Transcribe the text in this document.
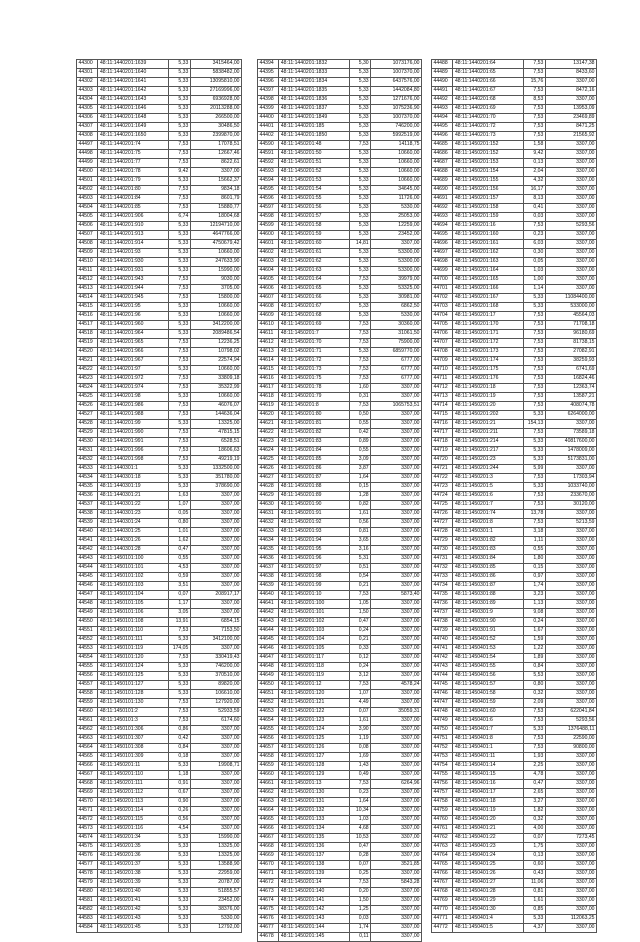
44300	48:11:1440201:1639	5,33	3415464,00
44301	48:11:1440201:1640	5,33	5838482,00
44302	48:11:1440201:1641	5,33	13095810,00
44303	48:11:1440201:1642	5,33	27169996,00
44304	48:11:1440201:1643	5,33	6936928,00
44305	48:11:1440201:1646	5,33	20113288,00
44306	48:11:1440201:1648	5,33	266500,00
44307	48:11:1440201:1649	5,33	30486,50
44308	48:11:1440201:1650	5,33	2399870,00
44497	48:11:1440201:74	7,53	17078,51
44498	48:11:1440201:75	7,53	12667,46
44499	48:11:1440201:77	7,53	8622,61
44500	48:11:1440201:78	9,42	3307,00
44501	48:11:1440201:79	5,33	15662,37
44502	48:11:1440201:80	7,53	9834,18
44503	48:11:1440201:84	7,53	8601,79
44504	48:11:1440201:85	7,53	15880,77
44505	48:11:1440201:906	6,74	18004,68
44506	48:11:1440201:910	5,33	12194710,00
44507	48:11:1440201:913	5,33	4647766,00
44508	48:11:1440201:914	5,33	4750679,42
44509	48:11:1440201:93	5,33	10660,00
44510	48:11:1440201:930	5,33	247633,90
44511	48:11:1440201:931	5,33	15990,00
44512	48:11:1440201:943	7,53	9030,00
44513	48:11:1440201:944	7,53	3705,00
44514	48:11:1440201:945	7,53	15800,00
44515	48:11:1440201:95	5,33	10660,00
44516	48:11:1440201:96	5,33	10660,00
44517	48:11:1440201:960	5,33	3412200,00
44518	48:11:1440201:964	5,33	2089486,54
44519	48:11:1440201:965	7,53	12236,25
44520	48:11:1440201:966	7,53	10798,02
44521	48:11:1440201:967	7,53	22574,94
44522	48:11:1440201:97	5,33	10660,00
44523	48:11:1440201:972	7,53	33809,18
44524	48:11:1440201:974	7,53	35322,99
44525	48:11:1440201:98	5,33	10660,00
44526	48:11:1440201:986	7,53	46076,07
44527	48:11:1440201:988	7,53	144636,04
44528	48:11:1440201:99	5,33	13325,00
44529	48:11:1440201:990	7,53	47815,15
44530	48:11:1440201:991	7,53	6528,51
44531	48:11:1440201:996	7,53	18606,63
44532	48:11:1440201:998	7,53	49219,19
44533	48:11:1440301:1	5,33	1332500,00
44534	48:11:1440301:18	5,33	351780,00
44535	48:11:1440301:19	5,33	378690,00
44536	48:11:1440301:21	1,63	3307,00
44537	48:11:1440301:22	1,07	3307,00
44538	48:11:1440301:23	0,05	3307,00
44539	48:11:1440301:24	0,80	3307,00
44540	48:11:1440301:25	1,01	3307,00
44541	48:11:1440301:26	1,62	3307,00
44542	48:11:1440301:28	0,47	3307,00
44543	48:11:1450101:100	0,55	3307,00
44544	48:11:1450101:101	4,53	3307,00
44545	48:11:1450101:102	0,59	3307,00
44546	48:11:1450101:103	3,51	3307,00
44547	48:11:1450101:104	0,07	208917,17
44548	48:11:1450101:105	1,17	3307,00
44549	48:11:1450101:106	3,05	3307,00
44550	48:11:1450101:108	13,91	6854,15
44551	48:11:1450101:110	7,53	7153,50
44552	48:11:1450101:111	5,33	3412100,00
44553	48:11:1450101:119	174,05	3307,00
44554	48:11:1450101:120	7,53	330419,43
44555	48:11:1450101:124	5,33	746200,00
44556	48:11:1450101:125	5,33	370510,00
44557	48:11:1450101:127	5,33	89820,00
44558	48:11:1450101:128	5,33	106610,00
44559	48:11:1450101:130	7,53	127920,00
44560	48:11:1450101:2	7,53	52933,59
44561	48:11:1450101:3	7,53	6174,60
44562	48:11:1450101:306	0,86	3307,00
44563	48:11:1450101:307	0,42	3307,00
44564	48:11:1450101:308	0,84	3307,00
44565	48:11:1450101:309	0,18	3307,00
44566	48:11:1450201:11	5,33	19908,71
44567	48:11:1450201:110	1,18	3307,00
44568	48:11:1450201:111	0,91	3307,00
44569	48:11:1450201:112	0,67	3307,00
44570	48:11:1450201:113	0,90	3307,00
44571	48:11:1450201:114	0,26	3307,00
44572	48:11:1450201:115	0,56	3307,00
44573	48:11:1450201:116	4,54	3307,00
44574	48:11:1450201:34	5,33	15990,00
44575	48:11:1450201:35	5,33	13325,00
44576	48:11:1450201:36	5,33	13325,00
44577	48:11:1450201:37	5,33	13588,90
44578	48:11:1450201:38	5,33	22959,00
44579	48:11:1450201:39	5,33	20787,00
44580	48:11:1450201:40	5,33	51855,57
44581	48:11:1450201:41	5,33	23452,00
44582	48:11:1450201:42	5,33	38376,00
44583	48:11:1450201:43	5,33	5330,00
44584	48:11:1450201:45	5,33	12792,00
44394	48:11:1440201:1832	5,30	1073176,00
44395	48:11:1440201:1833	5,33	1007370,00
44396	48:11:1440201:1834	5,33	6437576,00
44397	48:11:1440201:1835	5,33	1442084,80
44398	48:11:1440201:1836	5,33	1271676,00
44399	48:11:1440201:1837	5,33	1075236,90
44400	48:11:1440201:1849	5,33	1007370,00
44401	48:11:1440201:185	5,33	746200,00
44402	48:11:1440201:1850	5,33	5992519,00
44590	48:11:1450201:48	7,53	14118,75
44591	48:11:1450201:50	5,33	10660,00
44592	48:11:1450201:51	5,33	10660,00
44593	48:11:1450201:52	5,33	10660,00
44594	48:11:1450201:53	5,33	10660,00
44595	48:11:1450201:54	5,33	34645,00
44596	48:11:1450201:55	5,33	11726,00
44597	48:11:1450201:56	5,33	5330,00
44598	48:11:1450201:57	5,33	25053,00
44599	48:11:1450201:58	5,33	12259,00
44600	48:11:1450201:59	5,33	23452,00
44601	48:11:1450201:60	14,81	3307,00
44602	48:11:1450201:61	5,33	53300,00
44603	48:11:1450201:62	5,33	53300,00
44604	48:11:1450201:63	5,33	53300,00
44605	48:11:1450201:64	7,53	39979,00
44606	48:11:1450201:65	5,33	53325,00
44607	48:11:1450201:66	5,33	30981,00
44608	48:11:1450201:67	5,33	6862,50
44609	48:11:1450201:68	5,33	5330,00
44610	48:11:1450201:69	7,53	30360,00
44611	48:11:1450201:7	7,53	31061,50
44612	48:11:1450201:70	7,53	75900,00
44613	48:11:1450201:71	5,33	6859770,00
44614	48:11:1450201:72	7,53	6777,00
44615	48:11:1450201:73	7,53	6777,00
44616	48:11:1450201:75	7,53	6777,00
44617	48:11:1450201:78	1,60	3307,00
44618	48:11:1450201:79	0,31	3307,00
44619	48:11:1450201:8	7,53	1065753,51
44620	48:11:1450201:80	0,50	3307,00
44621	48:11:1450201:81	0,55	3307,00
44622	48:11:1450201:82	0,42	3307,00
44623	48:11:1450201:83	0,89	3307,00
44624	48:11:1450201:84	0,55	3307,00
44625	48:11:1450201:85	3,09	3307,00
44626	48:11:1450201:86	3,87	3307,00
44627	48:11:1450201:87	1,64	3307,00
44628	48:11:1450201:88	0,15	3307,00
44629	48:11:1450201:89	1,28	3307,00
44630	48:11:1450201:90	0,82	3307,00
44631	48:11:1450201:91	1,61	3307,00
44632	48:11:1450201:92	0,56	3307,00
44633	48:11:1450201:93	0,81	3307,00
44634	48:11:1450201:94	3,65	3307,00
44635	48:11:1450201:95	3,16	3307,00
44636	48:11:1450201:96	5,31	3307,00
44637	48:11:1450201:97	0,51	3307,00
44638	48:11:1450201:98	0,54	3307,00
44639	48:11:1450201:99	0,21	3307,00
44640	48:11:1450201:10	7,53	5873,40
44641	48:11:1450201:100	1,05	3307,00
44642	48:11:1450201:101	1,50	3307,00
44643	48:11:1450201:102	0,47	3307,00
44644	48:11:1450201:103	0,24	3307,00
44645	48:11:1450201:104	0,21	3307,00
44646	48:11:1450201:105	0,33	3307,00
44647	48:11:1450201:117	0,12	3307,00
44648	48:11:1450201:118	0,24	3307,00
44649	48:11:1450201:119	3,12	3307,00
44650	48:11:1450201:12	7,53	4578,24
44651	48:11:1450201:120	1,07	3307,00
44652	48:11:1450201:121	4,49	3307,00
44653	48:11:1450201:122	0,07	35059,31
44654	48:11:1450201:123	1,61	3307,00
44655	48:11:1450201:124	3,90	3307,00
44656	48:11:1450201:125	1,19	3307,00
44657	48:11:1450201:126	0,08	3307,00
44658	48:11:1450201:127	1,69	3307,00
44659	48:11:1450201:128	1,43	3307,00
44660	48:11:1450201:129	0,49	3307,00
44661	48:11:1450201:13	7,53	6264,96
44662	48:11:1450201:130	0,23	3307,00
44663	48:11:1450201:131	1,64	3307,00
44664	48:11:1450201:132	10,34	3307,00
44665	48:11:1450201:133	1,03	3307,00
44666	48:11:1450201:134	4,68	3307,00
44667	48:11:1450201:135	10,53	3307,00
44668	48:11:1450201:136	0,47	3307,00
44669	48:11:1450201:137	0,28	3307,00
44670	48:11:1450201:138	0,07	3521,85
44671	48:11:1450201:139	0,25	3307,00
44672	48:11:1450201:14	7,53	5843,28
44673	48:11:1450201:140	0,20	3307,00
44674	48:11:1450201:141	1,50	3307,00
44675	48:11:1450201:142	1,25	3307,00
44676	48:11:1450201:143	0,03	3307,00
44677	48:11:1450201:144	1,74	3307,00
44678	48:11:1450201:145	0,11	3307,00
44488	48:11:1440201:64	7,53	13147,38
44489	48:11:1440201:65	7,53	8433,60
44490	48:11:1440201:66	15,76	3307,00
44491	48:11:1440201:67	7,53	8472,16
44492	48:11:1440201:68	8,53	3307,00
44493	48:11:1440201:69	7,53	13953,09
44494	48:11:1440201:70	7,53	23469,89
44495	48:11:1440201:72	7,53	8471,25
44496	48:11:1440201:73	7,53	21565,92
44685	48:11:1450201:152	1,58	3307,00
44686	48:11:1450201:152	9,42	3307,00
44687	48:11:1450201:153	0,13	3307,00
44688	48:11:1450201:154	2,04	3307,00
44689	48:11:1450201:155	4,32	3307,00
44690	48:11:1450201:156	16,17	3307,00
44691	48:11:1450201:157	8,13	3307,00
44692	48:11:1450201:158	0,41	3307,00
44693	48:11:1450201:159	0,03	3307,00
44694	48:11:1450201:16	7,53	5293,56
44695	48:11:1450201:160	0,23	3307,00
44696	48:11:1450201:161	6,03	3307,00
44697	48:11:1450201:162	0,30	3307,00
44698	48:11:1450201:163	0,05	3307,00
44699	48:11:1450201:164	1,03	3307,00
44700	48:11:1450201:165	1,00	3307,00
44701	48:11:1450201:166	1,14	3307,00
44702	48:11:1450201:167	5,33	11084400,00
44703	48:11:1450201:168	5,33	533000,00
44704	48:11:1450201:17	7,53	45564,03
44705	48:11:1450201:170	7,53	71708,18
44706	48:11:1450201:171	7,53	96180,69
44707	48:11:1450201:172	7,53	81738,15
44708	48:11:1450201:173	7,53	27082,91
44709	48:11:1450201:174	7,53	38259,93
44710	48:11:1450201:175	7,53	6741,69
44711	48:11:1450201:176	7,53	16824,46
44712	48:11:1450201:18	7,53	12363,74
44713	48:11:1450201:19	7,53	13587,21
44714	48:11:1450201:20	7,53	408074,78
44715	48:11:1450201:202	5,33	6264000,00
44716	48:11:1450201:21	154,13	3307,00
44717	48:11:1450201:211	7,53	73589,18
44718	48:11:1450201:214	5,33	40817600,00
44719	48:11:1450201:217	5,33	1478009,00
44720	48:11:1450201:23	5,33	5173831,00
44721	48:11:1450201:244	5,99	3307,00
44722	48:11:1450201:3	7,53	17303,94
44723	48:11:1450201:5	5,33	1033740,00
44724	48:11:1450201:6	7,53	233670,00
44725	48:11:1450201:7	7,53	30120,00
44726	48:11:1450201:74	13,78	3307,00
44727	48:11:1450201:8	7,53	5213,59
44728	48:11:1450301:1	3,18	3307,00
44729	48:11:1450301:82	1,11	3307,00
44730	48:11:1450301:83	0,55	3307,00
44731	48:11:1450301:84	1,80	3307,00
44732	48:11:1450301:85	0,15	3307,00
44733	48:11:1450301:86	0,97	3307,00
44734	48:11:1450301:87	1,74	3307,00
44735	48:11:1450301:88	3,23	3307,00
44736	48:11:1450301:89	1,13	3307,00
44737	48:11:1450301:9	9,08	3307,00
44738	48:11:1450301:90	0,24	3307,00
44739	48:11:1450301:91	1,67	3307,00
44740	48:11:1450401:52	1,59	3307,00
44741	48:11:1450401:53	1,22	3307,00
44742	48:11:1450401:54	1,89	3307,00
44743	48:11:1450401:55	0,84	3307,00
44744	48:11:1450401:56	5,53	3307,00
44745	48:11:1450401:57	0,80	3307,00
44746	48:11:1450401:58	0,32	3307,00
44747	48:11:1450401:59	2,09	3307,00
44748	48:11:1450401:60	7,53	622041,84
44749	48:11:1450401:6	7,53	5293,56
44750	48:11:1450401:7	5,33	1376488,11
44751	48:11:1450401:8	7,53	22590,00
44752	48:11:1450401:1	7,53	90800,00
44753	48:11:1450401:11	1,93	3307,00
44754	48:11:1450401:14	2,25	3307,00
44755	48:11:1450401:15	4,78	3307,00
44756	48:11:1450401:16	0,47	3307,00
44757	48:11:1450401:17	2,65	3307,00
44758	48:11:1450401:18	3,27	3307,00
44759	48:11:1450401:19	1,82	3307,00
44760	48:11:1450401:20	0,32	3307,00
44761	48:11:1450401:21	4,00	3307,00
44762	48:11:1450401:22	0,07	7273,45
44763	48:11:1450401:23	1,75	3307,00
44764	48:11:1450401:24	0,13	3307,00
44765	48:11:1450401:25	0,60	3307,00
44766	48:11:1450401:26	0,43	3307,00
44767	48:11:1450401:27	11,06	3307,00
44768	48:11:1450401:28	0,81	3307,00
44769	48:11:1450401:29	1,61	3307,00
44770	48:11:1450401:30	0,85	3307,00
44771	48:11:1450401:4	5,33	112063,25
44772	48:11:1450401:5	4,37	3307,00
